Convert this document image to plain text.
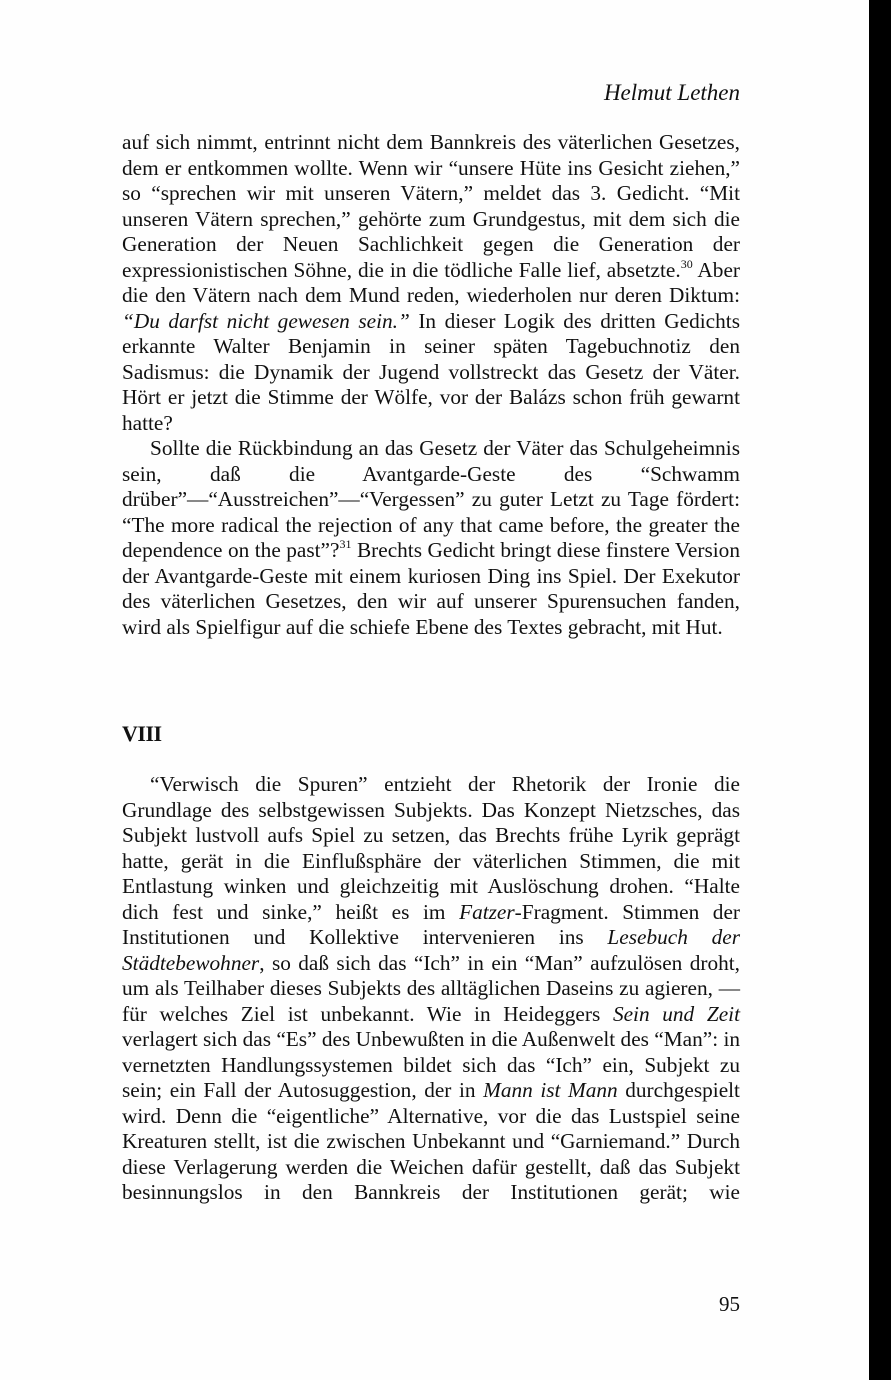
Helmut Lethen

auf sich nimmt, entrinnt nicht dem Bannkreis des väterlichen Gesetzes, dem er entkommen wollte. Wenn wir “unsere Hüte ins Gesicht ziehen,” so “sprechen wir mit unseren Vätern,” meldet das 3. Gedicht. “Mit unseren Vätern sprechen,” gehörte zum Grundgestus, mit dem sich die Generation der Neuen Sachlichkeit gegen die Generation der expressionistischen Söhne, die in die tödliche Falle lief, absetzte.$^{30}$ Aber die den Vätern nach dem Mund reden, wiederholen nur deren Diktum: “Du darfst nicht gewesen sein.” In dieser Logik des dritten Gedichts erkannte Walter Benjamin in seiner späten Tagebuchnotiz den Sadismus: die Dynamik der Jugend vollstreckt das Gesetz der Väter. Hört er jetzt die Stimme der Wölfe, vor der Balázs schon früh gewarnt hatte?

Sollte die Rückbindung an das Gesetz der Väter das Schulgeheimnis sein, daß die Avantgarde-Geste des “Schwamm drüber”—“Ausstreichen”—“Vergessen” zu guter Letzt zu Tage fördert: “The more radical the rejection of any that came before, the greater the dependence on the past”?$^{31}$ Brechts Gedicht bringt diese finstere Version der Avantgarde-Geste mit einem kuriosen Ding ins Spiel. Der Exekutor des väterlichen Gesetzes, den wir auf unserer Spurensuchen fanden, wird als Spielfigur auf die schiefe Ebene des Textes gebracht, mit Hut.

VIII

“Verwisch die Spuren” entzieht der Rhetorik der Ironie die Grundlage des selbstgewissen Subjekts. Das Konzept Nietzsches, das Subjekt lustvoll aufs Spiel zu setzen, das Brechts frühe Lyrik geprägt hatte, gerät in die Einflußsphäre der väterlichen Stimmen, die mit Entlastung winken und gleichzeitig mit Auslöschung drohen. “Halte dich fest und sinke,” heißt es im Fatzer-Fragment. Stimmen der Institutionen und Kollektive intervenieren ins Lesebuch der Städtebewohner, so daß sich das “Ich” in ein “Man” aufzulösen droht, um als Teilhaber dieses Subjekts des alltäglichen Daseins zu agieren, —für welches Ziel ist unbekannt. Wie in Heideggers Sein und Zeit verlagert sich das “Es” des Unbewußten in die Außenwelt des “Man”: in vernetzten Handlungssystemen bildet sich das “Ich” ein, Subjekt zu sein; ein Fall der Autosuggestion, der in Mann ist Mann durchgespielt wird. Denn die “eigentliche” Alternative, vor die das Lustspiel seine Kreaturen stellt, ist die zwischen Unbekannt und “Garniemand.” Durch diese Verlagerung werden die Weichen dafür gestellt, daß das Subjekt besinnungslos in den Bannkreis der Institutionen gerät; wie

95
